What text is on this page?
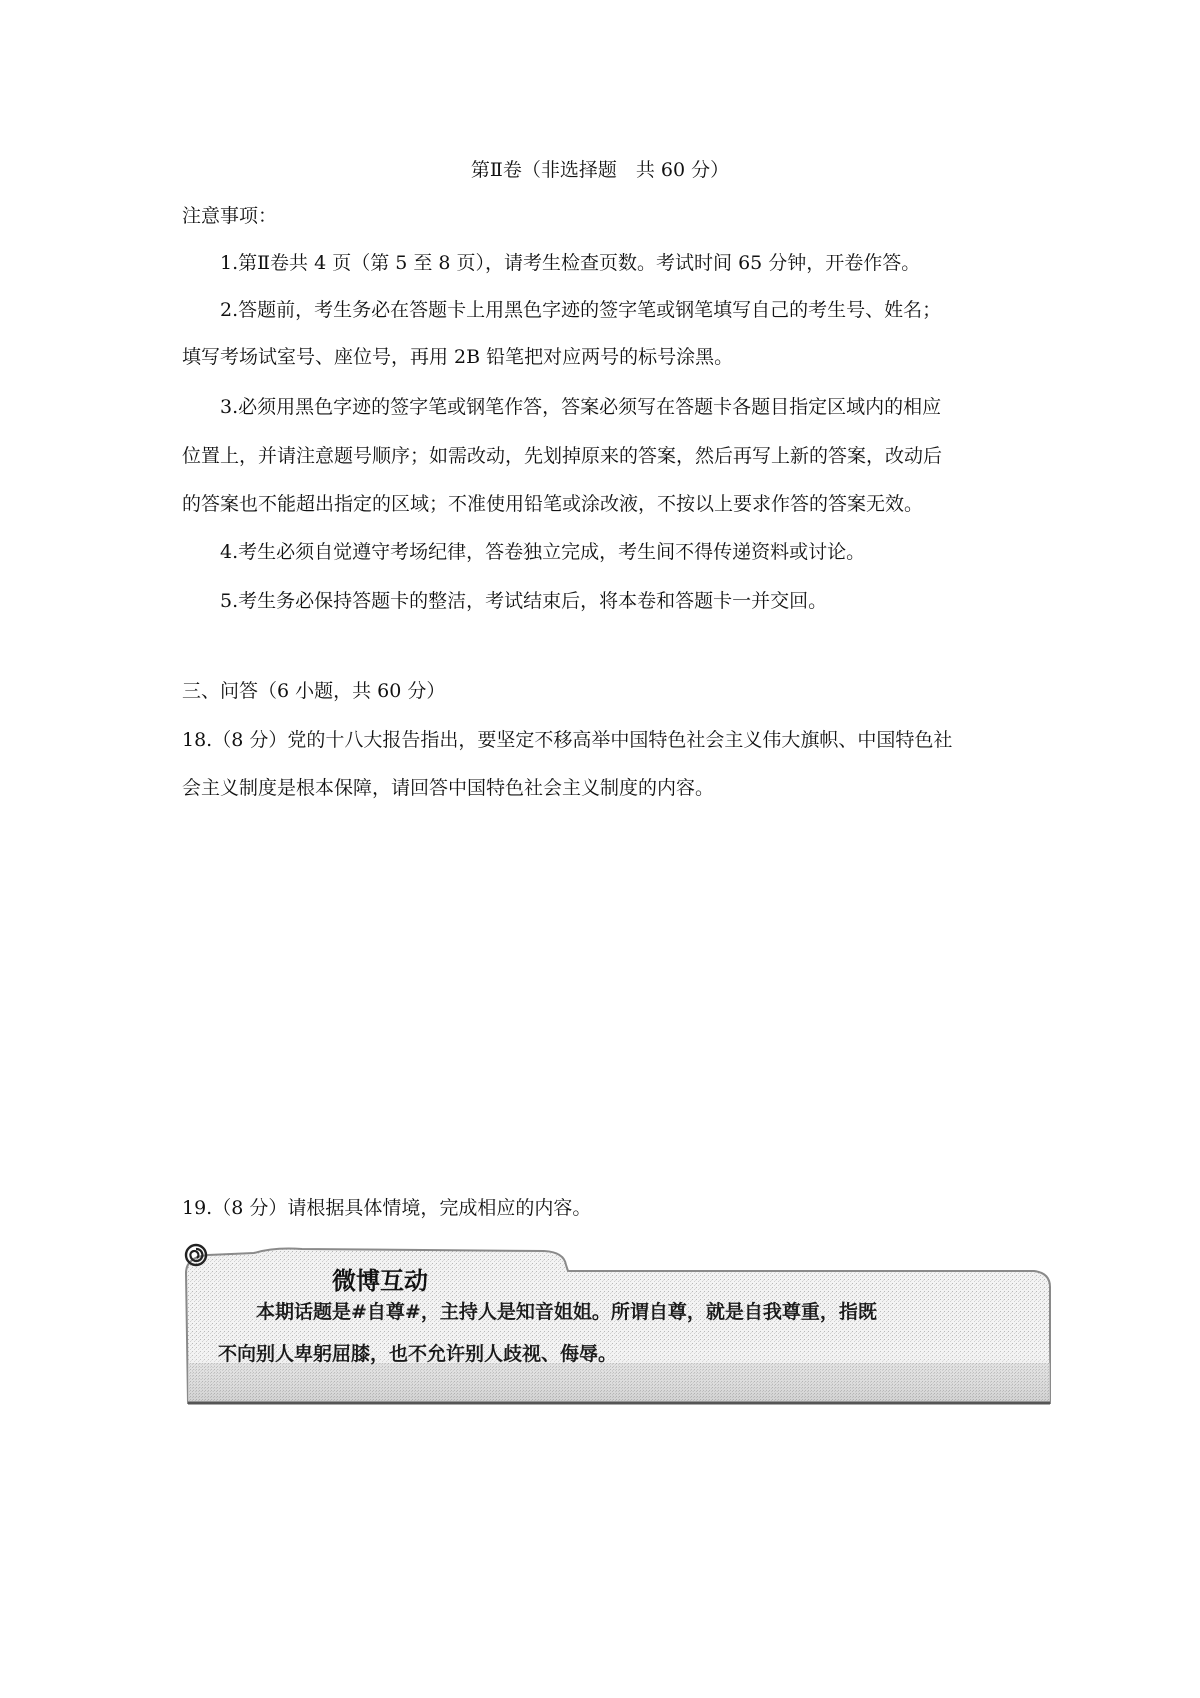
第Ⅱ卷（非选择题　共 60 分）
注意事项：
1.第Ⅱ卷共 4 页（第 5 至 8 页），请考生检查页数。考试时间 65 分钟，开卷作答。
2.答题前，考生务必在答题卡上用黑色字迹的签字笔或钢笔填写自己的考生号、姓名；
填写考场试室号、座位号，再用 2B 铅笔把对应两号的标号涂黑。
3.必须用黑色字迹的签字笔或钢笔作答，答案必须写在答题卡各题目指定区域内的相应
位置上，并请注意题号顺序；如需改动，先划掉原来的答案，然后再写上新的答案，改动后
的答案也不能超出指定的区域；不准使用铅笔或涂改液，不按以上要求作答的答案无效。
4.考生必须自觉遵守考场纪律，答卷独立完成，考生间不得传递资料或讨论。
5.考生务必保持答题卡的整洁，考试结束后，将本卷和答题卡一并交回。
三、问答（6 小题，共 60 分）
18.（8 分）党的十八大报告指出，要坚定不移高举中国特色社会主义伟大旗帜、中国特色社
会主义制度是根本保障，请回答中国特色社会主义制度的内容。
19.（8 分）请根据具体情境，完成相应的内容。
微博互动
本期话题是#自尊#，主持人是知音姐姐。所谓自尊，就是自我尊重，指既
不向别人卑躬屈膝，也不允许别人歧视、侮辱。
